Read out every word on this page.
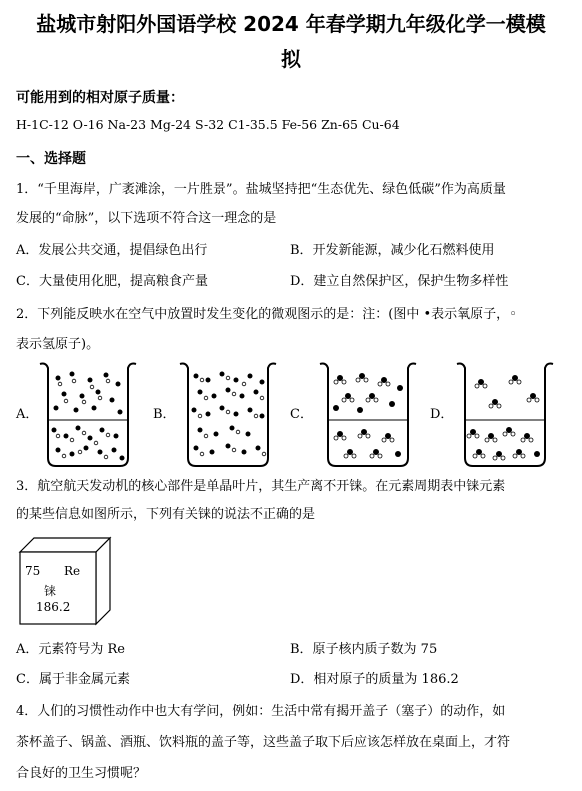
盐城市射阳外国语学校 2024 年春学期九年级化学一模模
拟
可能用到的相对原子质量：
H-1C-12 O-16 Na-23 Mg-24 S-32 C1-35.5 Fe-56 Zn-65 Cu-64
一、选择题
1．“千里海岸，广袤滩涂，一片胜景”。盐城坚持把“生态优先、绿色低碳”作为高质量
发展的“命脉”，以下选项不符合这一理念的是
A．发展公共交通，提倡绿色出行	B．开发新能源，减少化石燃料使用
C．大量使用化肥，提高粮食产量	D．建立自然保护区，保护生物多样性
2．下列能反映水在空气中放置时发生变化的微观图示的是：注：(图中 •表示氧原子，◦
表示氢原子)。
A．	B．	C．	D．
3．航空航天发动机的核心部件是单晶叶片，其生产离不开铼。在元素周期表中铼元素
的某些信息如图所示，下列有关铼的说法不正确的是
75 Re
铼
186.2
A．元素符号为 Re	B．原子核内质子数为 75
C．属于非金属元素	D．相对原子的质量为 186.2
4．人们的习惯性动作中也大有学问，例如：生活中常有揭开盖子（塞子）的动作，如
茶杯盖子、锅盖、酒瓶、饮料瓶的盖子等，这些盖子取下后应该怎样放在桌面上，才符
合良好的卫生习惯呢？
